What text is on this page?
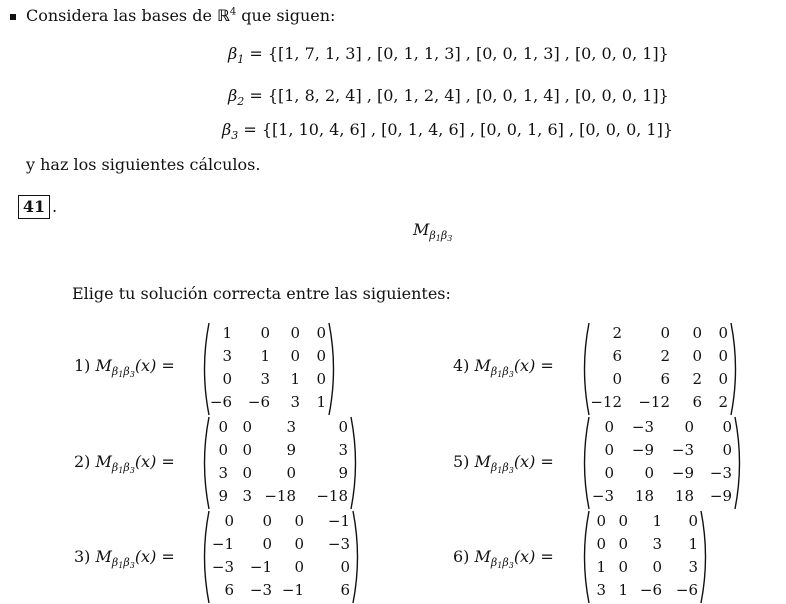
Considera las bases de ℝ$^4$ que siguen:
$\beta_1 = \{[1$, 7, 1, 3] , [0, 1, 1, 3] , [0, 0, 1, 3] , [0, 0, 0, 1]}
$\beta_2 = \{[1$, 8, 2, 4] , [0, 1, 2, 4] , [0, 0, 1, 4] , [0, 0, 0, 1]}
$\beta_3 = \{[1$, 10, 4, 6] , [0, 1, 4, 6] , [0, 0, 1, 6] , [0, 0, 0, 1]}
y haz los siguientes cálculos.
41 .
$M_{\beta 1\beta 3}$
Elige tu solución correcta entre las siguientes:
1) $M_{\beta 1\beta 3}(x)$ =
2) $M_{\beta 1\beta 3}(x)$ =
3) $M_{\beta 1\beta 3}(x)$ =
4) $M_{\beta 1\beta 3}(x)$ =
5) $M_{\beta 1\beta 3}(x)$ =
6) $M_{\beta 1\beta 3}(x)$ =
1	0	0	0
3	1	0	0
0	3	1	0
−6	−6	3	1
0 0	3	0
0 0	9	3
3 0	0	9
9 3 −18	−18
0	0	0	−1
−1	0	0	−3
−3	−1	0	0
6	−3 −1	6
2	0	0	0
6	2	0	0
0	6	2	0
−12	−12	6	2
0	−3	0	0
0	−9	−3	0
0	0	−9	−3
−3	18	18	−9
0 0	1	0
0 0	3	1
1 0	0	3
3 1 −6 −6
